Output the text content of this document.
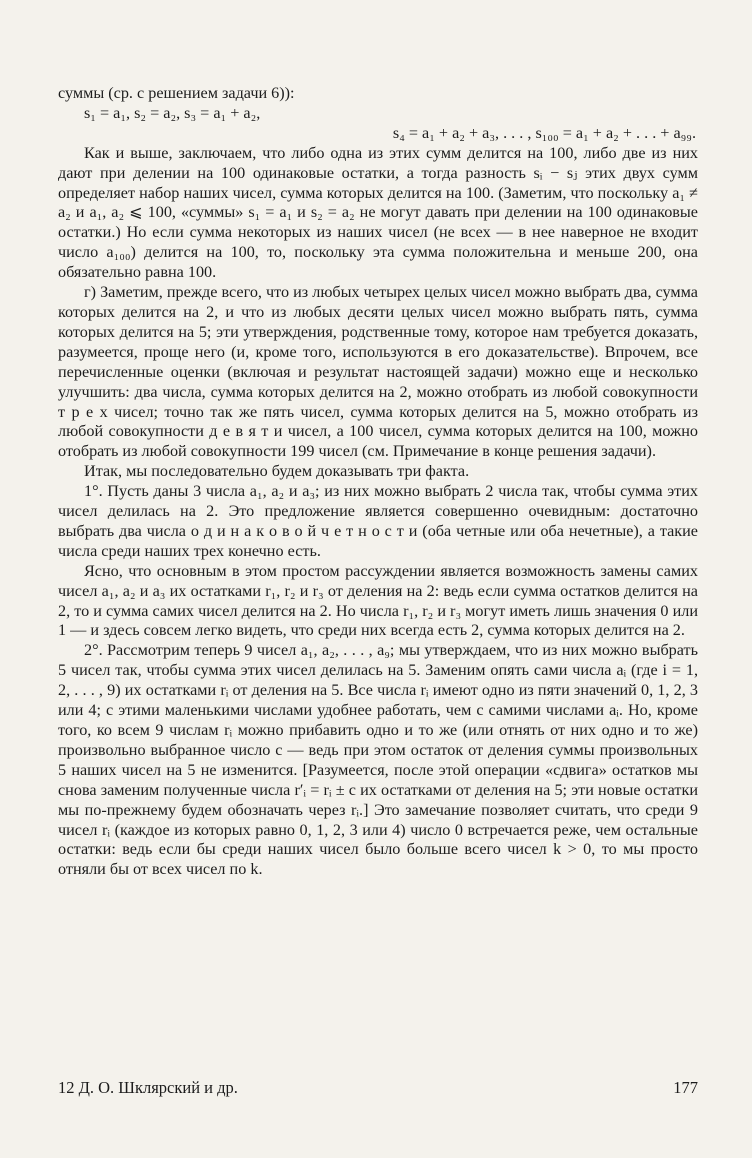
суммы (ср. с решением задачи 6)):

s₁ = a₁, s₂ = a₂, s₃ = a₁ + a₂,

s₄ = a₁ + a₂ + a₃, . . . , s₁₀₀ = a₁ + a₂ + . . . + a₉₉.

Как и выше, заключаем, что либо одна из этих сумм делится на 100, либо две из них дают при делении на 100 одинаковые остатки, а тогда разность sᵢ − sⱼ этих двух сумм определяет набор наших чисел, сумма которых делится на 100. (Заметим, что поскольку a₁ ≠ a₂ и a₁, a₂ ⩽ 100, «суммы» s₁ = a₁ и s₂ = a₂ не могут давать при делении на 100 одинаковые остатки.) Но если сумма некоторых из наших чисел (не всех — в нее наверное не входит число a₁₀₀) делится на 100, то, поскольку эта сумма положительна и меньше 200, она обязательно равна 100.

г) Заметим, прежде всего, что из любых четырех целых чисел можно выбрать два, сумма которых делится на 2, и что из любых десяти целых чисел можно выбрать пять, сумма которых делится на 5; эти утверждения, родственные тому, которое нам требуется доказать, разумеется, проще него (и, кроме того, используются в его доказательстве). Впрочем, все перечисленные оценки (включая и результат настоящей задачи) можно еще и несколько улучшить: два числа, сумма которых делится на 2, можно отобрать из любой совокупности т р е х чисел; точно так же пять чисел, сумма которых делится на 5, можно отобрать из любой совокупности д е в я т и чисел, а 100 чисел, сумма которых делится на 100, можно отобрать из любой совокупности 199 чисел (см. Примечание в конце решения задачи).

Итак, мы последовательно будем доказывать три факта.

1°. Пусть даны 3 числа a₁, a₂ и a₃; из них можно выбрать 2 числа так, чтобы сумма этих чисел делилась на 2. Это предложение является совершенно очевидным: достаточно выбрать два числа о д и н а к о в о й ч е т н о с т и (оба четные или оба нечетные), а такие числа среди наших трех конечно есть.

Ясно, что основным в этом простом рассуждении является возможность замены самих чисел a₁, a₂ и a₃ их остатками r₁, r₂ и r₃ от деления на 2: ведь если сумма остатков делится на 2, то и сумма самих чисел делится на 2. Но числа r₁, r₂ и r₃ могут иметь лишь значения 0 или 1 — и здесь совсем легко видеть, что среди них всегда есть 2, сумма которых делится на 2.

2°. Рассмотрим теперь 9 чисел a₁, a₂, . . . , a₉; мы утверждаем, что из них можно выбрать 5 чисел так, чтобы сумма этих чисел делилась на 5. Заменим опять сами числа aᵢ (где i = 1, 2, . . . , 9) их остатками rᵢ от деления на 5. Все числа rᵢ имеют одно из пяти значений 0, 1, 2, 3 или 4; с этими маленькими числами удобнее работать, чем с самими числами aᵢ. Но, кроме того, ко всем 9 числам rᵢ можно прибавить одно и то же (или отнять от них одно и то же) произвольно выбранное число c — ведь при этом остаток от деления суммы произвольных 5 наших чисел на 5 не изменится. [Разумеется, после этой операции «сдвига» остатков мы снова заменим полученные числа r′ᵢ = rᵢ ± c их остатками от деления на 5; эти новые остатки мы по-прежнему будем обозначать через rᵢ.] Это замечание позволяет считать, что среди 9 чисел rᵢ (каждое из которых равно 0, 1, 2, 3 или 4) число 0 встречается реже, чем остальные остатки: ведь если бы среди наших чисел было больше всего чисел k > 0, то мы просто отняли бы от всех чисел по k.

12 Д. О. Шклярский и др.	177
